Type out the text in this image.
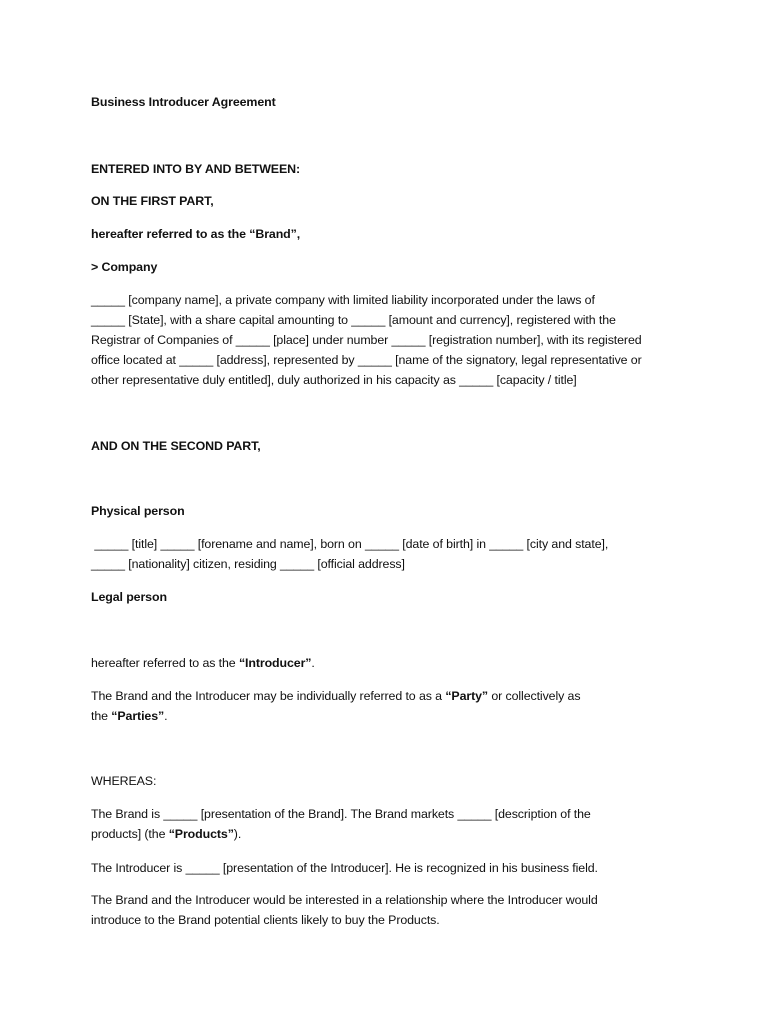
Business Introducer Agreement
ENTERED INTO BY AND BETWEEN:
ON THE FIRST PART,
hereafter referred to as the “Brand”,
> Company
_____ [company name], a private company with limited liability incorporated under the laws of
_____ [State], with a share capital amounting to _____ [amount and currency], registered with the
Registrar of Companies of _____ [place] under number _____ [registration number], with its registered
office located at _____ [address], represented by _____ [name of the signatory, legal representative or
other representative duly entitled], duly authorized in his capacity as _____ [capacity / title]
AND ON THE SECOND PART,
Physical person
_____ [title] _____ [forename and name], born on _____ [date of birth] in _____ [city and state],
_____ [nationality] citizen, residing _____ [official address]
Legal person
hereafter referred to as the “Introducer”.
The Brand and the Introducer may be individually referred to as a “Party” or collectively as
the “Parties”.
WHEREAS:
The Brand is _____ [presentation of the Brand]. The Brand markets _____ [description of the
products] (the “Products”).
The Introducer is _____ [presentation of the Introducer]. He is recognized in his business field.
The Brand and the Introducer would be interested in a relationship where the Introducer would
introduce to the Brand potential clients likely to buy the Products.
